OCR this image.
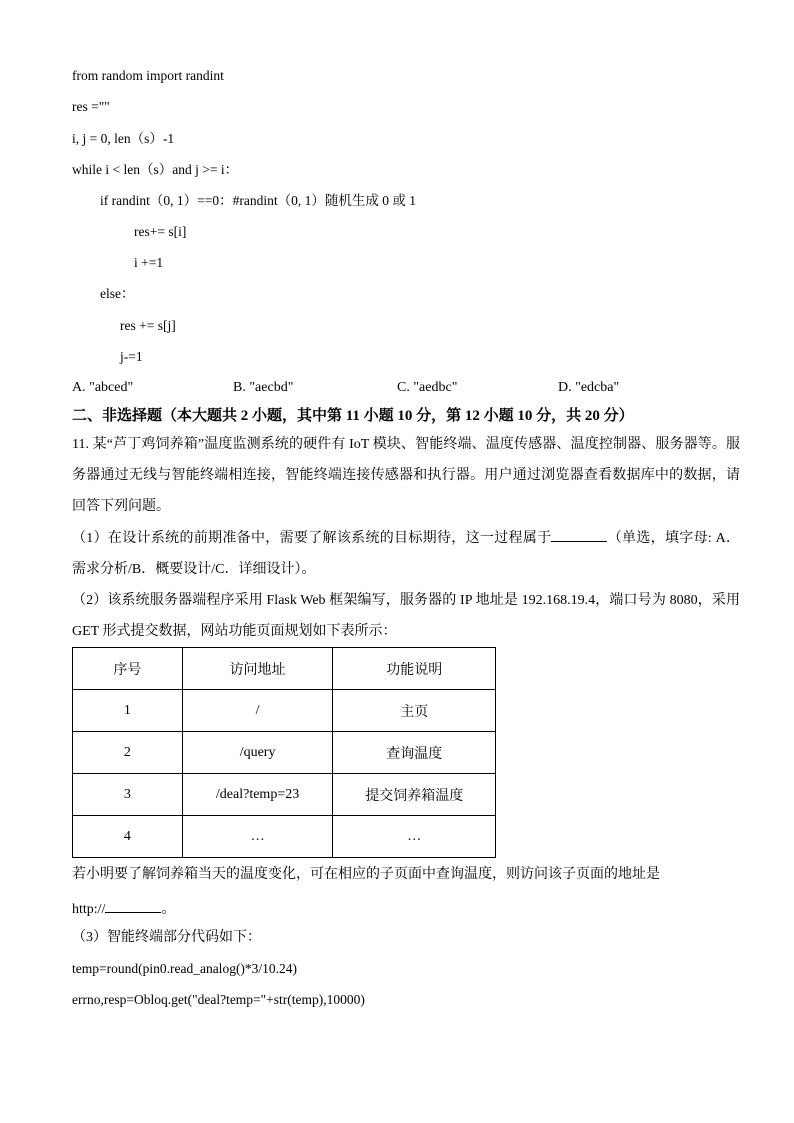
from random import randint
res =""
i, j = 0, len（s）-1
while i < len（s）and j >= i：
if randint（0, 1）==0：#randint（0, 1）随机生成 0 或 1
res+= s[i]
i +=1
else：
res += s[j]
j-=1
A. "abced"	B. "aecbd"	C. "aedbc"	D. "edcba"
二、非选择题（本大题共 2 小题，其中第 11 小题 10 分，第 12 小题 10 分，共 20 分）
11. 某“芦丁鸡饲养箱”温度监测系统的硬件有 IoT 模块、智能终端、温度传感器、温度控制器、服务器等。服务器通过无线与智能终端相连接，智能终端连接传感器和执行器。用户通过浏览器查看数据库中的数据，请回答下列问题。
（1）在设计系统的前期准备中，需要了解该系统的目标期待，这一过程属于	（单选，填字母: A．需求分析/B．概要设计/C．详细设计）。
（2）该系统服务器端程序采用 Flask Web 框架编写，服务器的 IP 地址是 192.168.19.4，端口号为 8080，采用 GET 形式提交数据，网站功能页面规划如下表所示：
序号	访问地址	功能说明
1	/	主页
2	/query	查询温度
3	/deal?temp=23	提交饲养箱温度
4	…	…
若小明要了解饲养箱当天的温度变化，可在相应的子页面中查询温度，则访问该子页面的地址是
http://	。
（3）智能终端部分代码如下：
temp=round(pin0.read_analog()*3/10.24)
errno,resp=Obloq.get("deal?temp="+str(temp),10000)
